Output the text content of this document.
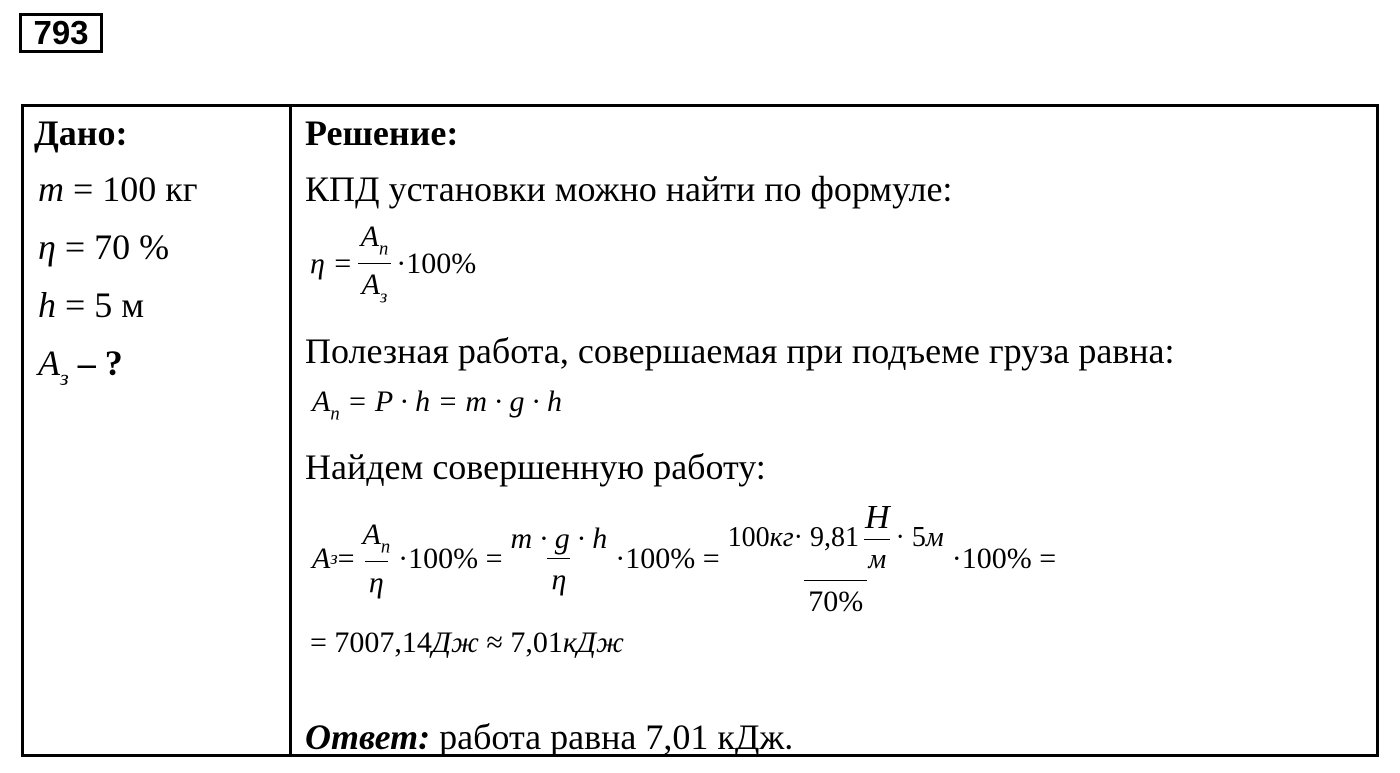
793
Дано:
m = 100 кг
η = 70 %
h = 5 м
$A_з$ – ?
Решение:
КПД установки можно найти по формуле:
$\eta = \frac{A_п}{A_з} \cdot 100\%$
Полезная работа, совершаемая при подъеме груза равна:
$A_п = P \cdot h = m \cdot g \cdot h$
Найдем совершенную работу:
A $з = \frac{A_п}{\eta} \cdot 100\% = \frac{m \cdot g \cdot h}{\eta} \cdot 100\% = \frac{100 кг \cdot 9,81 \frac{Н}{м} \cdot 5 м}{70\%} \cdot 100\%$ =
= 7007,14Дж ≈ 7,01кДж
Ответ: работа равна 7,01 кДж.
